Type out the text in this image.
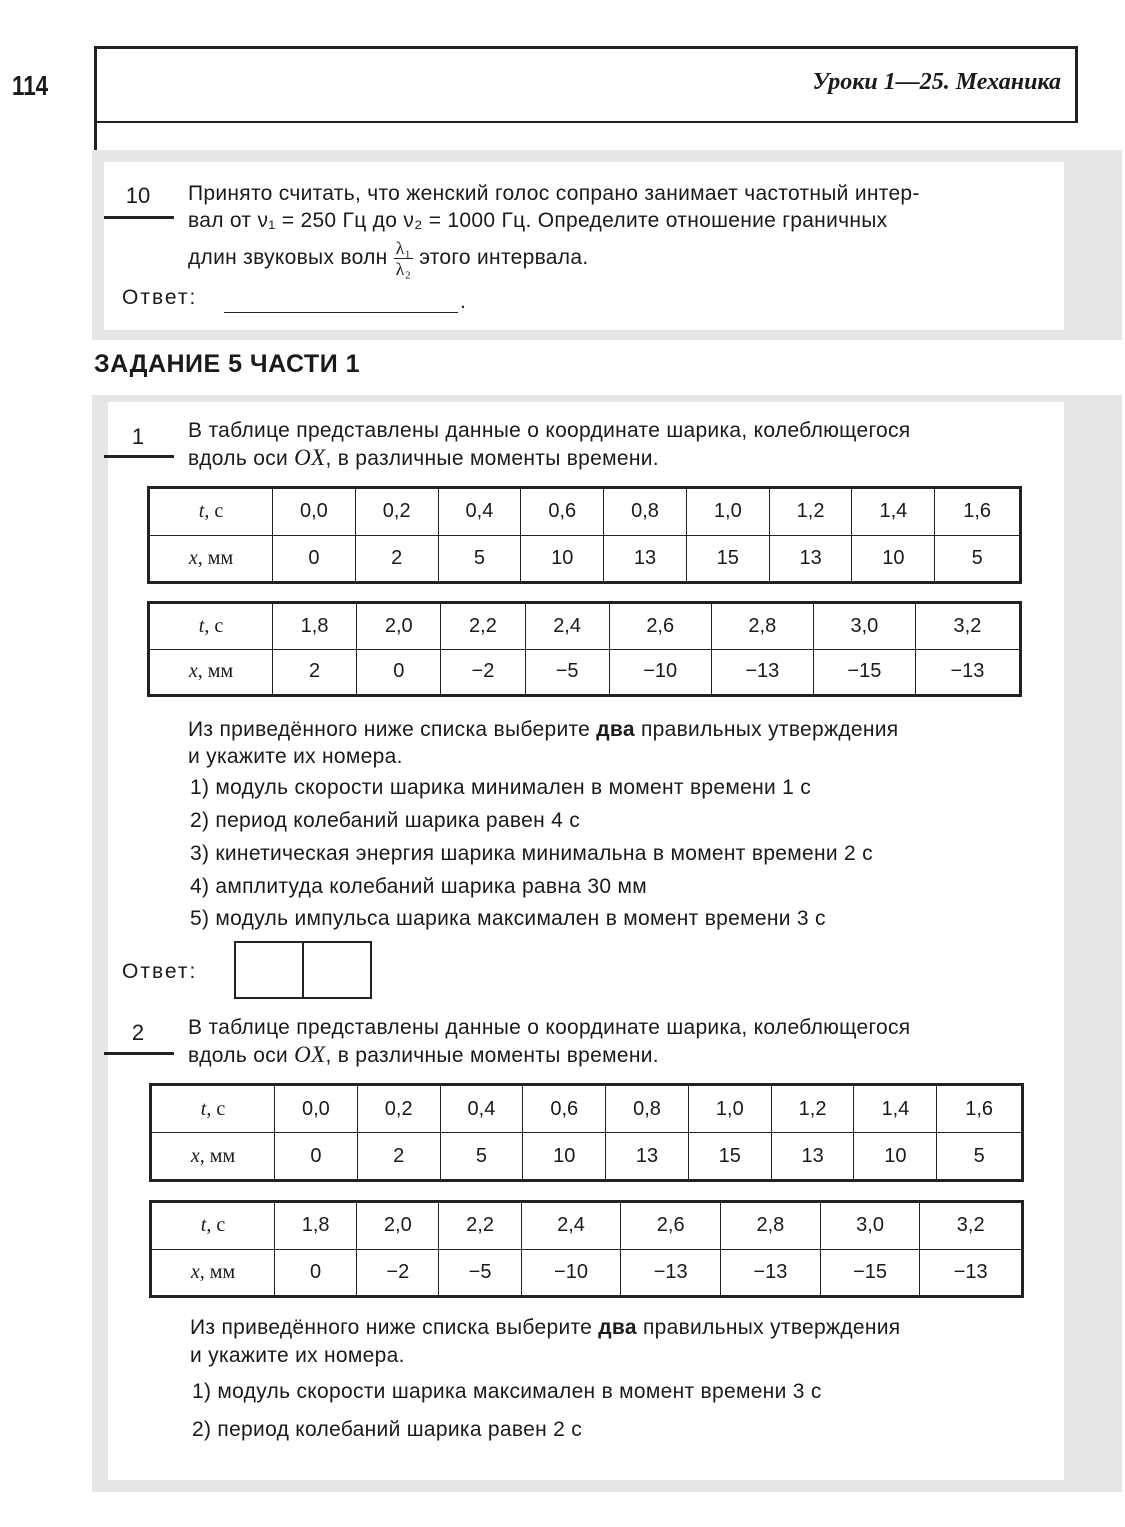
114	Уроки 1—25. Механика
10	Принято считать, что женский голос сопрано занимает частотный интер-
вал от ν₁ = 250 Гц до ν₂ = 1000 Гц. Определите отношение граничных
длин звуковых волн $\frac{\text{λ₁}}{\text{λ₂}}$ этого интервала.
Ответ:	.
ЗАДАНИЕ 5 ЧАСТИ 1
1	В таблице представлены данные о координате шарика, колеблющегося
вдоль оси OX, в различные моменты времени.
t, с	0,0	0,2	0,4	0,6	0,8	1,0	1,2	1,4	1,6
x, мм	0	2	5	10	13	15	13	10	5
t, с	1,8	2,0	2,2	2,4	2,6	2,8	3,0	3,2
x, мм	2	0	−2	−5	−10	−13	−15	−13
Из приведённого ниже списка выберите два правильных утверждения
и укажите их номера.
1) модуль скорости шарика минимален в момент времени 1 с
2) период колебаний шарика равен 4 с
3) кинетическая энергия шарика минимальна в момент времени 2 с
4) амплитуда колебаний шарика равна 30 мм
5) модуль импульса шарика максимален в момент времени 3 с
Ответ:
2	В таблице представлены данные о координате шарика, колеблющегося
вдоль оси OX, в различные моменты времени.
t, с	0,0	0,2	0,4	0,6	0,8	1,0	1,2	1,4	1,6
x, мм	0	2	5	10	13	15	13	10	5
t, с	1,8	2,0	2,2	2,4	2,6	2,8	3,0	3,2
x, мм	0	−2	−5	−10	−13	−13	−15	−13
Из приведённого ниже списка выберите два правильных утверждения
и укажите их номера.
1) модуль скорости шарика максимален в момент времени 3 с
2) период колебаний шарика равен 2 с
